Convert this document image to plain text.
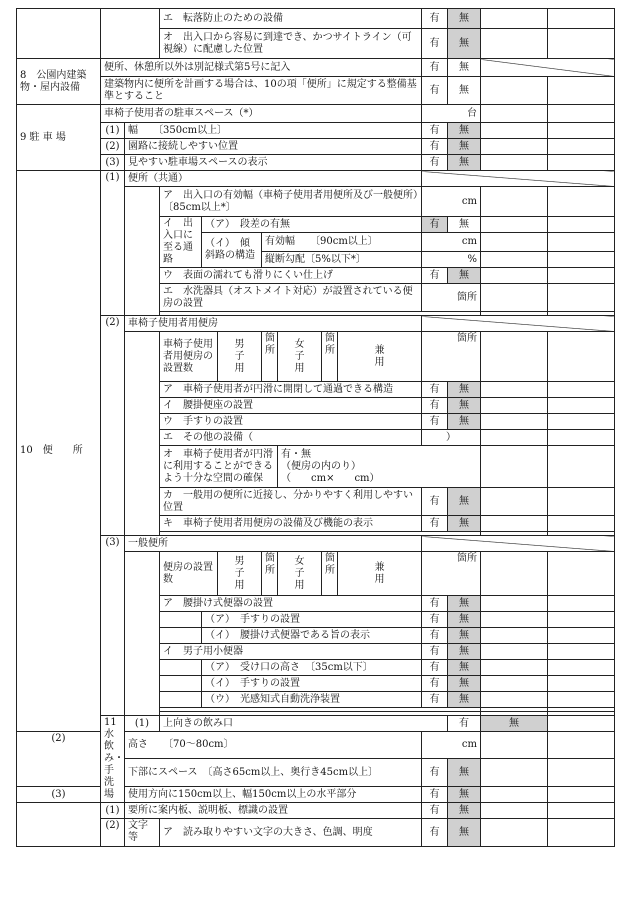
			エ　転落防止のための設備							有	無			
			オ　出入口から容易に到達でき、かつサイトライン（可視線）に配慮した位置							有	無			
8　公園内建築物・屋内設備	便所、休憩所以外は別記様式第5号に記入									有	無			
	建築物内に便所を計画する場合は、10の項「便所」に規定する整備基準とすること									有	無			
9 駐 車 場	車椅子使用者の駐車スペース（*）									台				
	(1)	幅　　〔350cm以上〕								有	無			
	(2)	園路に接続しやすい位置								有	無			
	(3)	見やすい駐車場スペースの表示								有	無			
10　便　　所	(1)	便所（共通）												
			ア　出入口の有効幅（車椅子使用者用便所及び一般便所）〔85cm以上*〕							cm				
			イ　出入口に至る通路	（ア）　段差の有無						有	無			
				（イ）　傾斜路の構造		有効幅　　〔90cm以上〕				cm				
						縦断勾配〔5%以下*〕				%				
			ウ　表面の濡れても滑りにくい仕上げ							有	無			
			エ　水洗器具（オストメイト対応）が設置されている便房の設置							箇所				

	(2)	車椅子使用者用便房												
			車椅子使用者用便房の設置数		男子用	箇所	女子用	箇所	兼用	箇所				
			ア　車椅子使用者が円滑に開閉して通過できる構造							有	無			
			イ　腰掛便座の設置							有	無			
			ウ　手すりの設置							有	無			
			エ　その他の設備（							）				
			オ　車椅子使用者が円滑に利用することができるよう十分な空間の確保				有・無
（便房の内のり）
（　　cm×　　cm）							

			カ　一般用の便所に近接し、分かりやすく利用しやすい位置							有	無			
			キ　車椅子使用者用便房の設備及び機能の表示							有	無			

	(3)	一般便所												
			便房の設置数		男子用	箇所	女子用	箇所	兼用	箇所				
			ア　腰掛け式便器の設置							有	無			
				（ア）　手すりの設置						有	無			
				（イ）　腰掛け式便器である旨の表示						有	無			
			イ　男子用小便器							有	無			
				（ア）　受け口の高さ　〔35cm以下〕						有	無			
				（イ）　手すりの設置						有	無			
				（ウ）　光感知式自動洗浄装置						有	無			

	11　水飲み・手洗場	(1)	上向きの飲み口								有	無		
(2)		高さ　　〔70〜80cm〕								cm				
		下部にスペース　〔高さ65cm以上、奥行き45cm以上〕								有	無			
(3)		使用方向に150cm以上、幅150cm以上の水平部分								有	無			
	(1)	要所に案内板、説明板、標識の設置								有	無			
	(2)	文字等	ア　読み取りやすい文字の大きさ、色調、明度							有	無			
